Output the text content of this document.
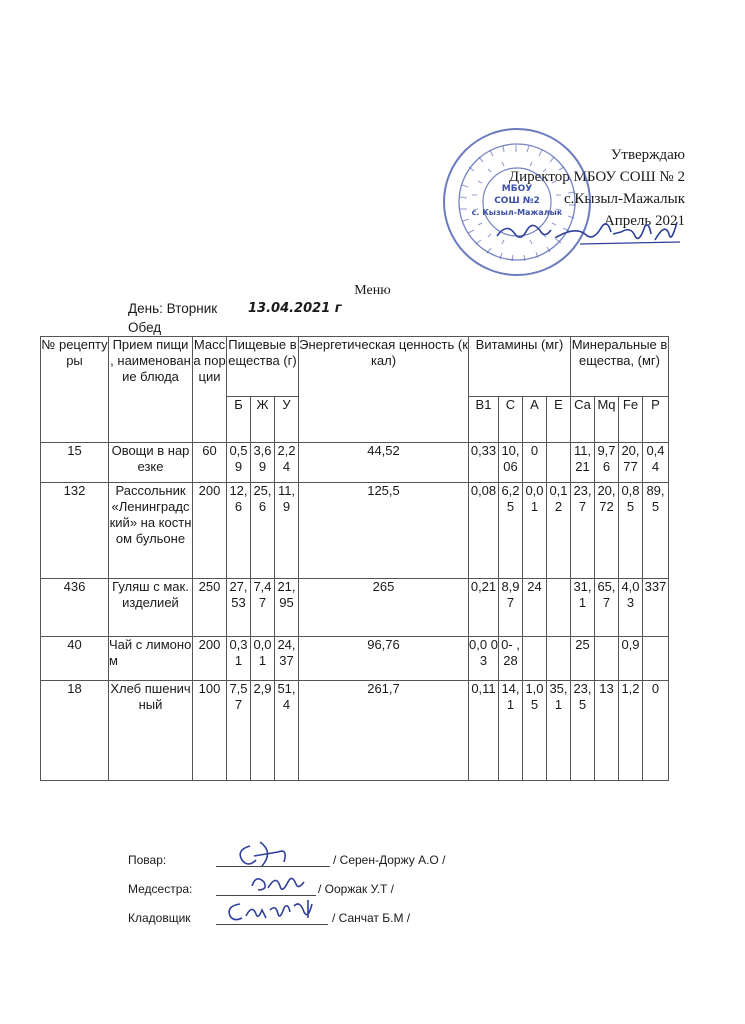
Утверждаю
Директор МБОУ СОШ № 2
с.Кызыл-Мажалык
Апрель 2021
МБОУ
СОШ №2
с. Кызыл-Мажалык
Меню
День: Вторник 13.04.2021 г
Обед
№ рецептуры	Прием пищи , наименование блюда	Масса порции	Пищевые вещества (г)			Энергетическая ценность (ккал)	Витамины (мг)				Минеральные вещества, (мг)			
			Б	Ж	У		В1	С	А	Е	Са	Мq	Fe	Р
15	Овощи в нарезке	60	0,59	3,69	2,24	44,52	0,33	10,06	0		11,21	9,76	20,77	0,44
132	Рассольник «Ленинградский» на костном бульоне	200	12,6	25,6	11,9	125,5	0,08	6,25	0,01	0,12	23,7	20,72	0,85	89,5
436	Гуляш с мак. изделией	250	27,53	7,47	21,95	265	0,21	8,97	24		31,1	65,7	4,03	337
40	Чай с лимоном	200	0,31	0,01	24,37	96,76	0,0 03	0- ,28			25		0,9	
18	Хлеб пшеничный	100	7,57	2,9	51,4	261,7	0,11	14,1	1,05	35,1	23,5	13	1,2	0
Повар:	/ Серен-Доржу А.О /
Медсестра:	/ Ооржак У.Т /
Кладовщик	/ Санчат Б.М /
